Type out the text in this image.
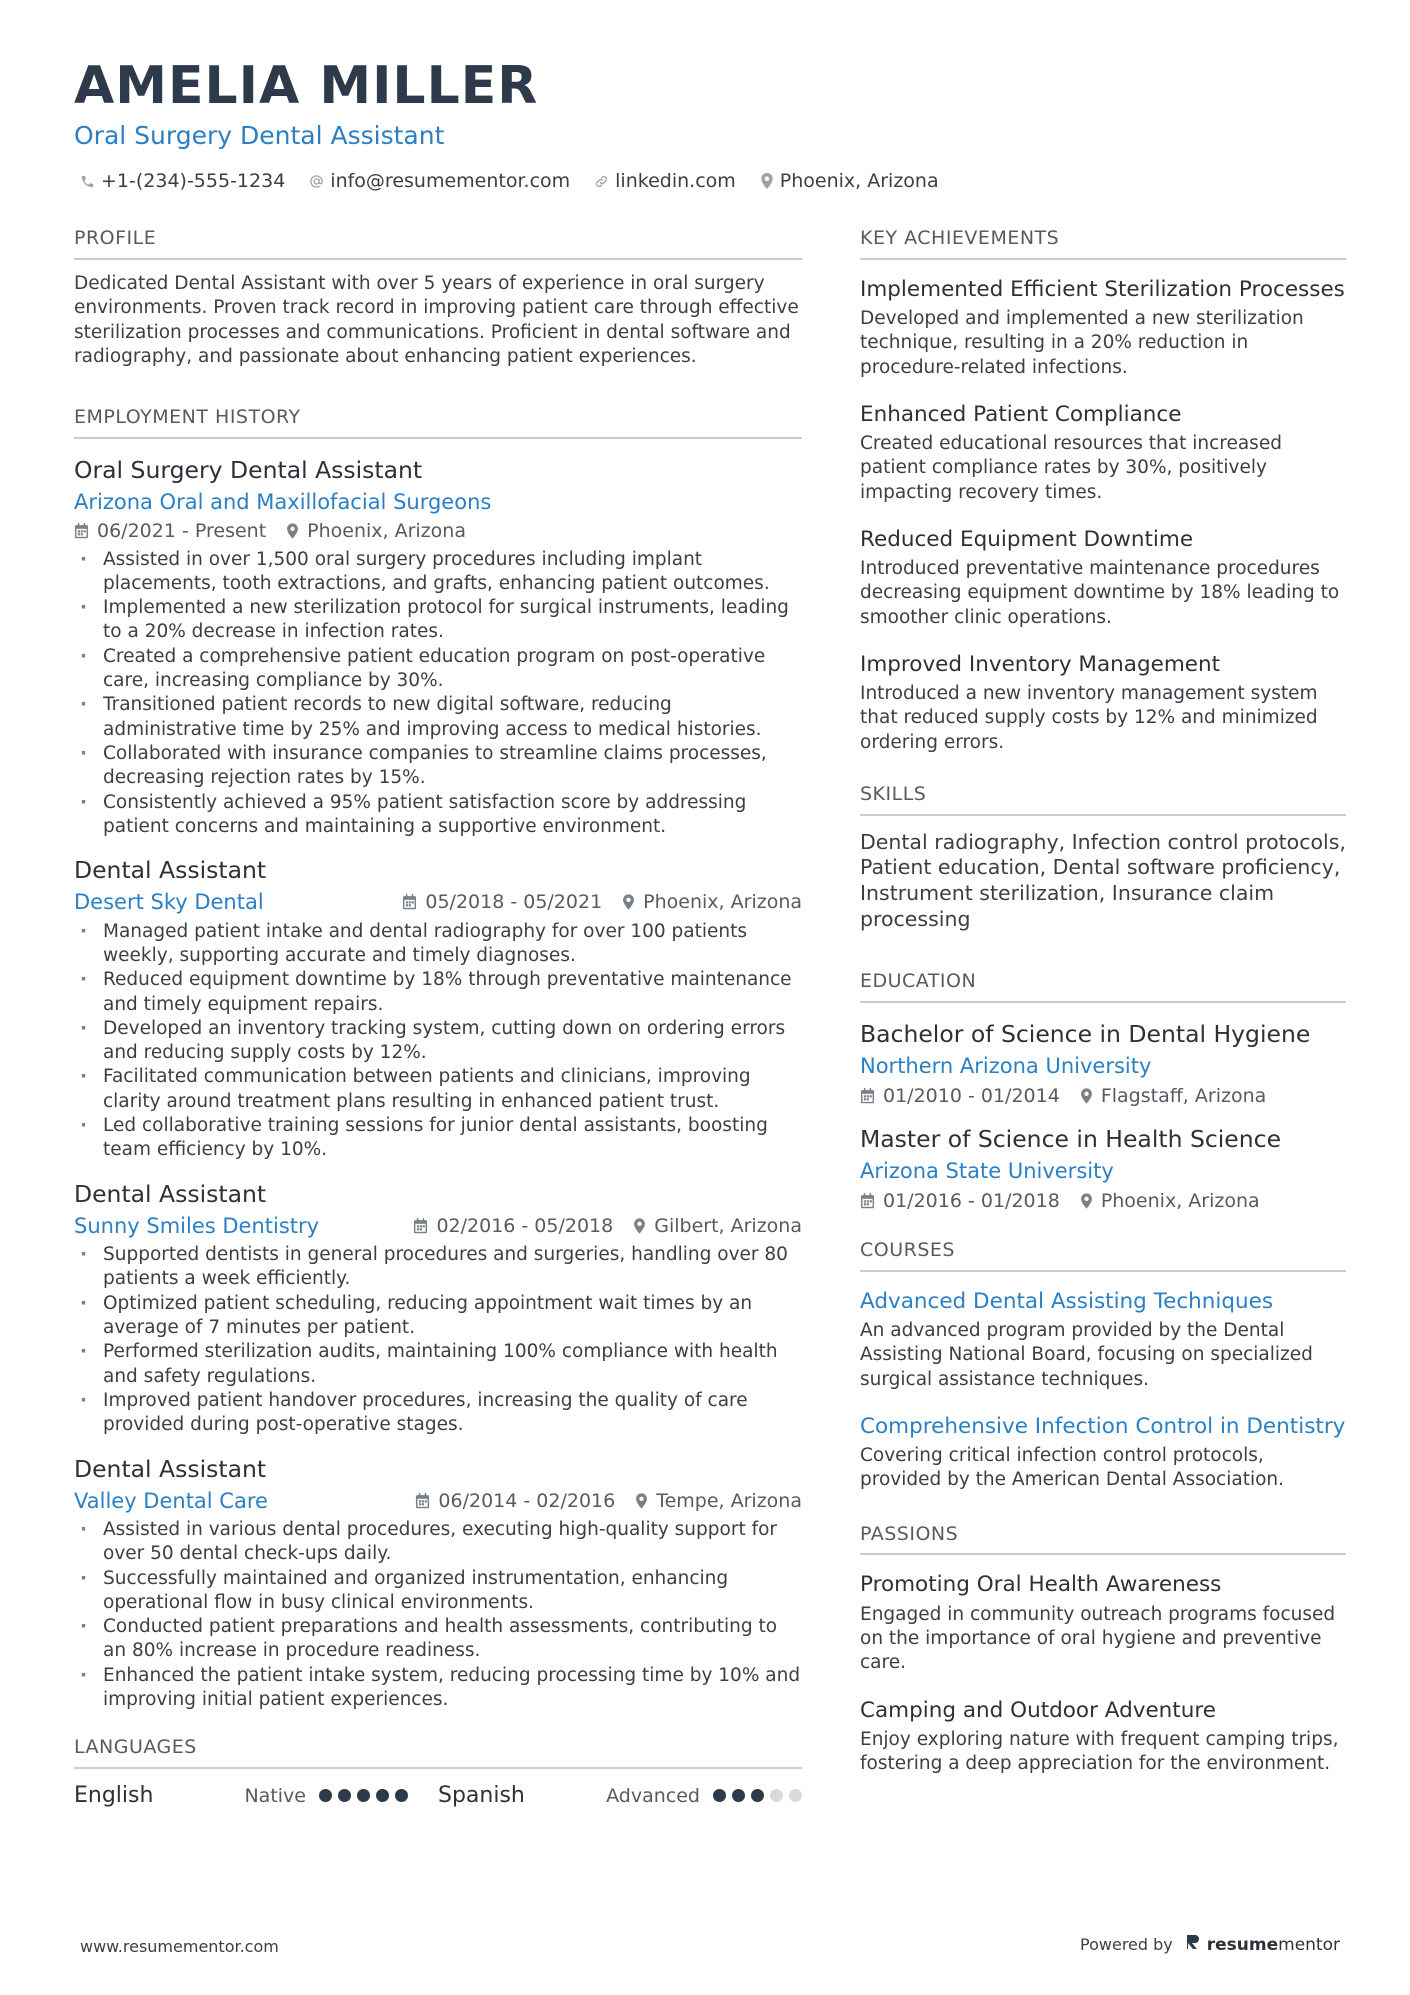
AMELIA MILLER
Oral Surgery Dental Assistant
+1-(234)-555-1234 info@resumementor.com linkedin.com Phoenix, Arizona
PROFILE
Dedicated Dental Assistant with over 5 years of experience in oral surgery environments. Proven track record in improving patient care through effective sterilization processes and communications. Proficient in dental software and radiography, and passionate about enhancing patient experiences.
EMPLOYMENT HISTORY
Oral Surgery Dental Assistant
Arizona Oral and Maxillofacial Surgeons
06/2021 - Present Phoenix, Arizona
· Assisted in over 1,500 oral surgery procedures including implant placements, tooth extractions, and grafts, enhancing patient outcomes.
· Implemented a new sterilization protocol for surgical instruments, leading to a 20% decrease in infection rates.
· Created a comprehensive patient education program on post-operative care, increasing compliance by 30%.
· Transitioned patient records to new digital software, reducing administrative time by 25% and improving access to medical histories.
· Collaborated with insurance companies to streamline claims processes, decreasing rejection rates by 15%.
· Consistently achieved a 95% patient satisfaction score by addressing patient concerns and maintaining a supportive environment.
Dental Assistant
Desert Sky Dental	05/2018 - 05/2021 Phoenix, Arizona
· Managed patient intake and dental radiography for over 100 patients weekly, supporting accurate and timely diagnoses.
· Reduced equipment downtime by 18% through preventative maintenance and timely equipment repairs.
· Developed an inventory tracking system, cutting down on ordering errors and reducing supply costs by 12%.
· Facilitated communication between patients and clinicians, improving clarity around treatment plans resulting in enhanced patient trust.
· Led collaborative training sessions for junior dental assistants, boosting team efficiency by 10%.
Dental Assistant
Sunny Smiles Dentistry	02/2016 - 05/2018 Gilbert, Arizona
· Supported dentists in general procedures and surgeries, handling over 80 patients a week efficiently.
· Optimized patient scheduling, reducing appointment wait times by an average of 7 minutes per patient.
· Performed sterilization audits, maintaining 100% compliance with health and safety regulations.
· Improved patient handover procedures, increasing the quality of care provided during post-operative stages.
Dental Assistant
Valley Dental Care	06/2014 - 02/2016 Tempe, Arizona
· Assisted in various dental procedures, executing high-quality support for over 50 dental check-ups daily.
· Successfully maintained and organized instrumentation, enhancing operational flow in busy clinical environments.
· Conducted patient preparations and health assessments, contributing to an 80% increase in procedure readiness.
· Enhanced the patient intake system, reducing processing time by 10% and improving initial patient experiences.
LANGUAGES
English	Native	Spanish	Advanced
KEY ACHIEVEMENTS
Implemented Efficient Sterilization Processes
Developed and implemented a new sterilization technique, resulting in a 20% reduction in procedure-related infections.
Enhanced Patient Compliance
Created educational resources that increased patient compliance rates by 30%, positively impacting recovery times.
Reduced Equipment Downtime
Introduced preventative maintenance procedures decreasing equipment downtime by 18% leading to smoother clinic operations.
Improved Inventory Management
Introduced a new inventory management system that reduced supply costs by 12% and minimized ordering errors.
SKILLS
Dental radiography, Infection control protocols, Patient education, Dental software proficiency, Instrument sterilization, Insurance claim processing
EDUCATION
Bachelor of Science in Dental Hygiene
Northern Arizona University
01/2010 - 01/2014 Flagstaff, Arizona
Master of Science in Health Science
Arizona State University
01/2016 - 01/2018 Phoenix, Arizona
COURSES
Advanced Dental Assisting Techniques
An advanced program provided by the Dental Assisting National Board, focusing on specialized surgical assistance techniques.
Comprehensive Infection Control in Dentistry
Covering critical infection control protocols, provided by the American Dental Association.
PASSIONS
Promoting Oral Health Awareness
Engaged in community outreach programs focused on the importance of oral hygiene and preventive care.
Camping and Outdoor Adventure
Enjoy exploring nature with frequent camping trips, fostering a deep appreciation for the environment.
www.resumementor.com	Powered by resumementor
